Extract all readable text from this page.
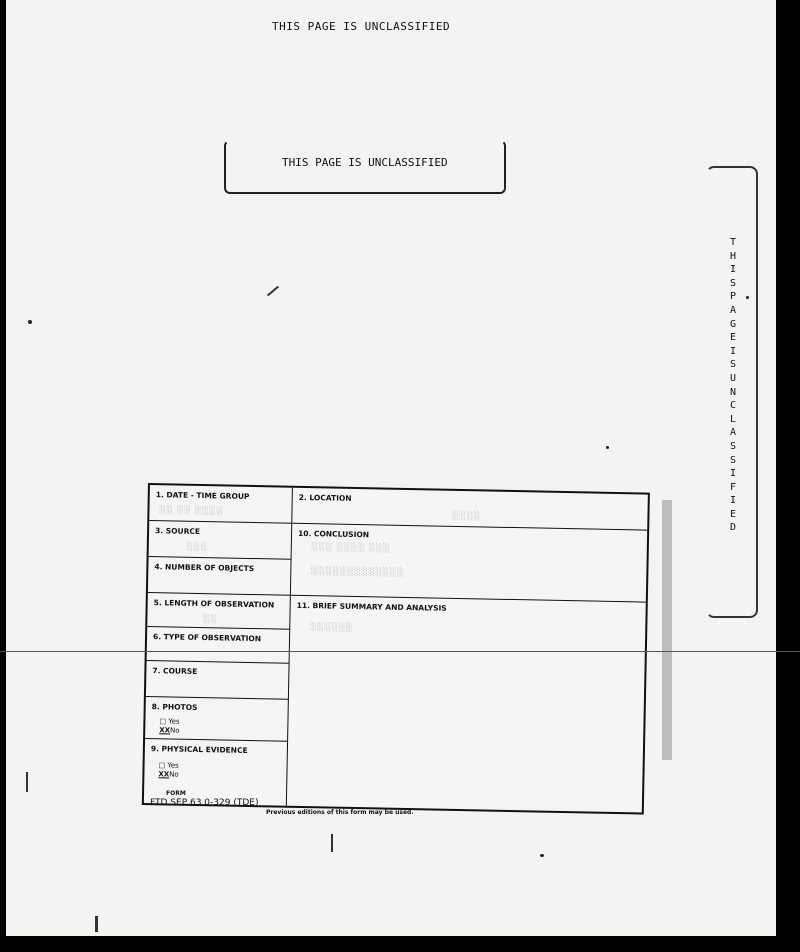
THIS PAGE IS UNCLASSIFIED
THIS PAGE IS UNCLASSIFIED
THIS PAGE IS UNCLASSIFIED
1. DATE - TIME GROUP
░░ ░░ ░░░░
3. SOURCE
░░░
4. NUMBER OF OBJECTS
5. LENGTH OF OBSERVATION
░░
6. TYPE OF OBSERVATION
7. COURSE
8. PHOTOS
□ Yes
XXNo
9. PHYSICAL EVIDENCE
□ Yes
XXNo
2. LOCATION
░░░░
10. CONCLUSION
░░░ ░░░░ ░░░
░░░░░░░░░░░░░
11. BRIEF SUMMARY AND ANALYSIS
░░░░░░
FORM
FTD SEP 63 0-329 (TDE)
Previous editions of this form may be used.
